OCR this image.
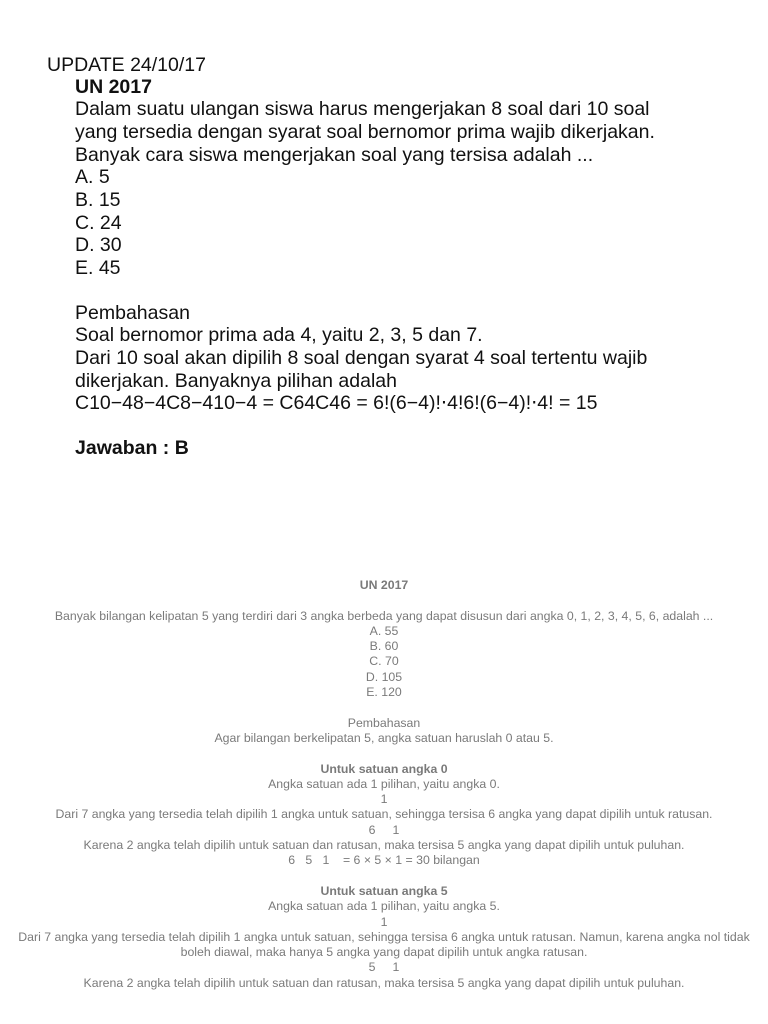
UPDATE 24/10/17
UN 2017
Dalam suatu ulangan siswa harus mengerjakan 8 soal dari 10 soal
yang tersedia dengan syarat soal bernomor prima wajib dikerjakan.
Banyak cara siswa mengerjakan soal yang tersisa adalah ...
A. 5
B. 15
C. 24
D. 30
E. 45
Pembahasan
Soal bernomor prima ada 4, yaitu 2, 3, 5 dan 7.
Dari 10 soal akan dipilih 8 soal dengan syarat 4 soal tertentu wajib
dikerjakan. Banyaknya pilihan adalah
C10−48−4C8−410−4 = C64C46 = 6!(6−4)!⋅4!6!(6−4)!⋅4! = 15
Jawaban : B
UN 2017
Banyak bilangan kelipatan 5 yang terdiri dari 3 angka berbeda yang dapat disusun dari angka 0, 1, 2, 3, 4, 5, 6, adalah ...
A. 55
B. 60
C. 70
D. 105
E. 120
Pembahasan
Agar bilangan berkelipatan 5, angka satuan haruslah 0 atau 5.
Untuk satuan angka 0
Angka satuan ada 1 pilihan, yaitu angka 0.
1
Dari 7 angka yang tersedia telah dipilih 1 angka untuk satuan, sehingga tersisa 6 angka yang dapat dipilih untuk ratusan.
6     1
Karena 2 angka telah dipilih untuk satuan dan ratusan, maka tersisa 5 angka yang dapat dipilih untuk puluhan.
6   5   1    = 6 × 5 × 1 = 30 bilangan
Untuk satuan angka 5
Angka satuan ada 1 pilihan, yaitu angka 5.
1
Dari 7 angka yang tersedia telah dipilih 1 angka untuk satuan, sehingga tersisa 6 angka untuk ratusan. Namun, karena angka nol tidak boleh diawal, maka hanya 5 angka yang dapat dipilih untuk angka ratusan.
5     1
Karena 2 angka telah dipilih untuk satuan dan ratusan, maka tersisa 5 angka yang dapat dipilih untuk puluhan.
